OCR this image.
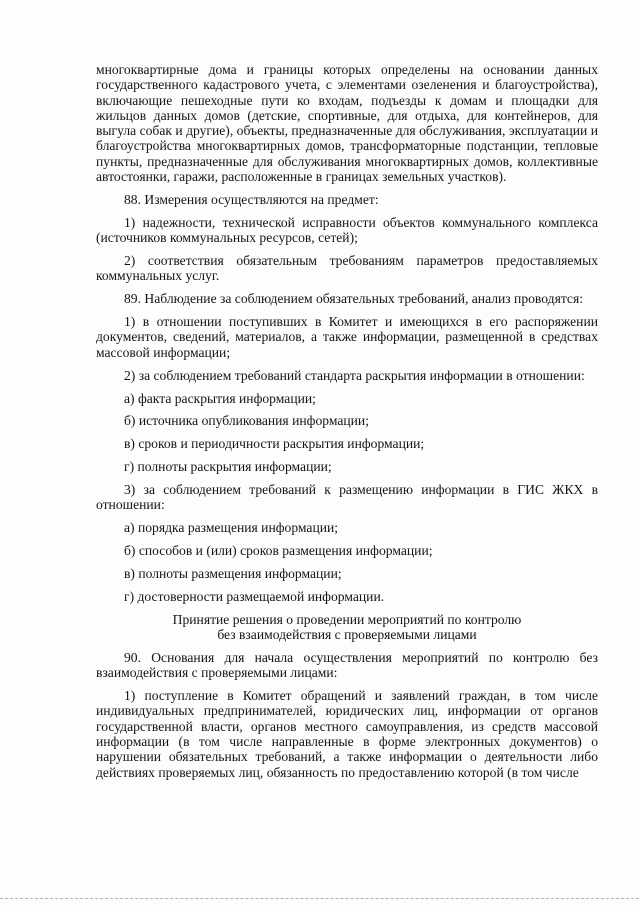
многоквартирные дома и границы которых определены на основании данных государственного кадастрового учета, с элементами озеленения и благоустройства), включающие пешеходные пути ко входам, подъезды к домам и площадки для жильцов данных домов (детские, спортивные, для отдыха, для контейнеров, для выгула собак и другие), объекты, предназначенные для обслуживания, эксплуатации и благоустройства многоквартирных домов, трансформаторные подстанции, тепловые пункты, предназначенные для обслуживания многоквартирных домов, коллективные автостоянки, гаражи, расположенные в границах земельных участков).

88. Измерения осуществляются на предмет:

1) надежности, технической исправности объектов коммунального комплекса (источников коммунальных ресурсов, сетей);

2) соответствия обязательным требованиям параметров предоставляемых коммунальных услуг.

89. Наблюдение за соблюдением обязательных требований, анализ проводятся:

1) в отношении поступивших в Комитет и имеющихся в его распоряжении документов, сведений, материалов, а также информации, размещенной в средствах массовой информации;

2) за соблюдением требований стандарта раскрытия информации в отношении:

а) факта раскрытия информации;

б) источника опубликования информации;

в) сроков и периодичности раскрытия информации;

г) полноты раскрытия информации;

3) за соблюдением требований к размещению информации в ГИС ЖКХ в отношении:

а) порядка размещения информации;

б) способов и (или) сроков размещения информации;

в) полноты размещения информации;

г) достоверности размещаемой информации.

Принятие решения о проведении мероприятий по контролю
без взаимодействия с проверяемыми лицами

90. Основания для начала осуществления мероприятий по контролю без взаимодействия с проверяемыми лицами:

1) поступление в Комитет обращений и заявлений граждан, в том числе индивидуальных предпринимателей, юридических лиц, информации от органов государственной власти, органов местного самоуправления, из средств массовой информации (в том числе направленные в форме электронных документов) о нарушении обязательных требований, а также информации о деятельности либо действиях проверяемых лиц, обязанность по предоставлению которой (в том числе
